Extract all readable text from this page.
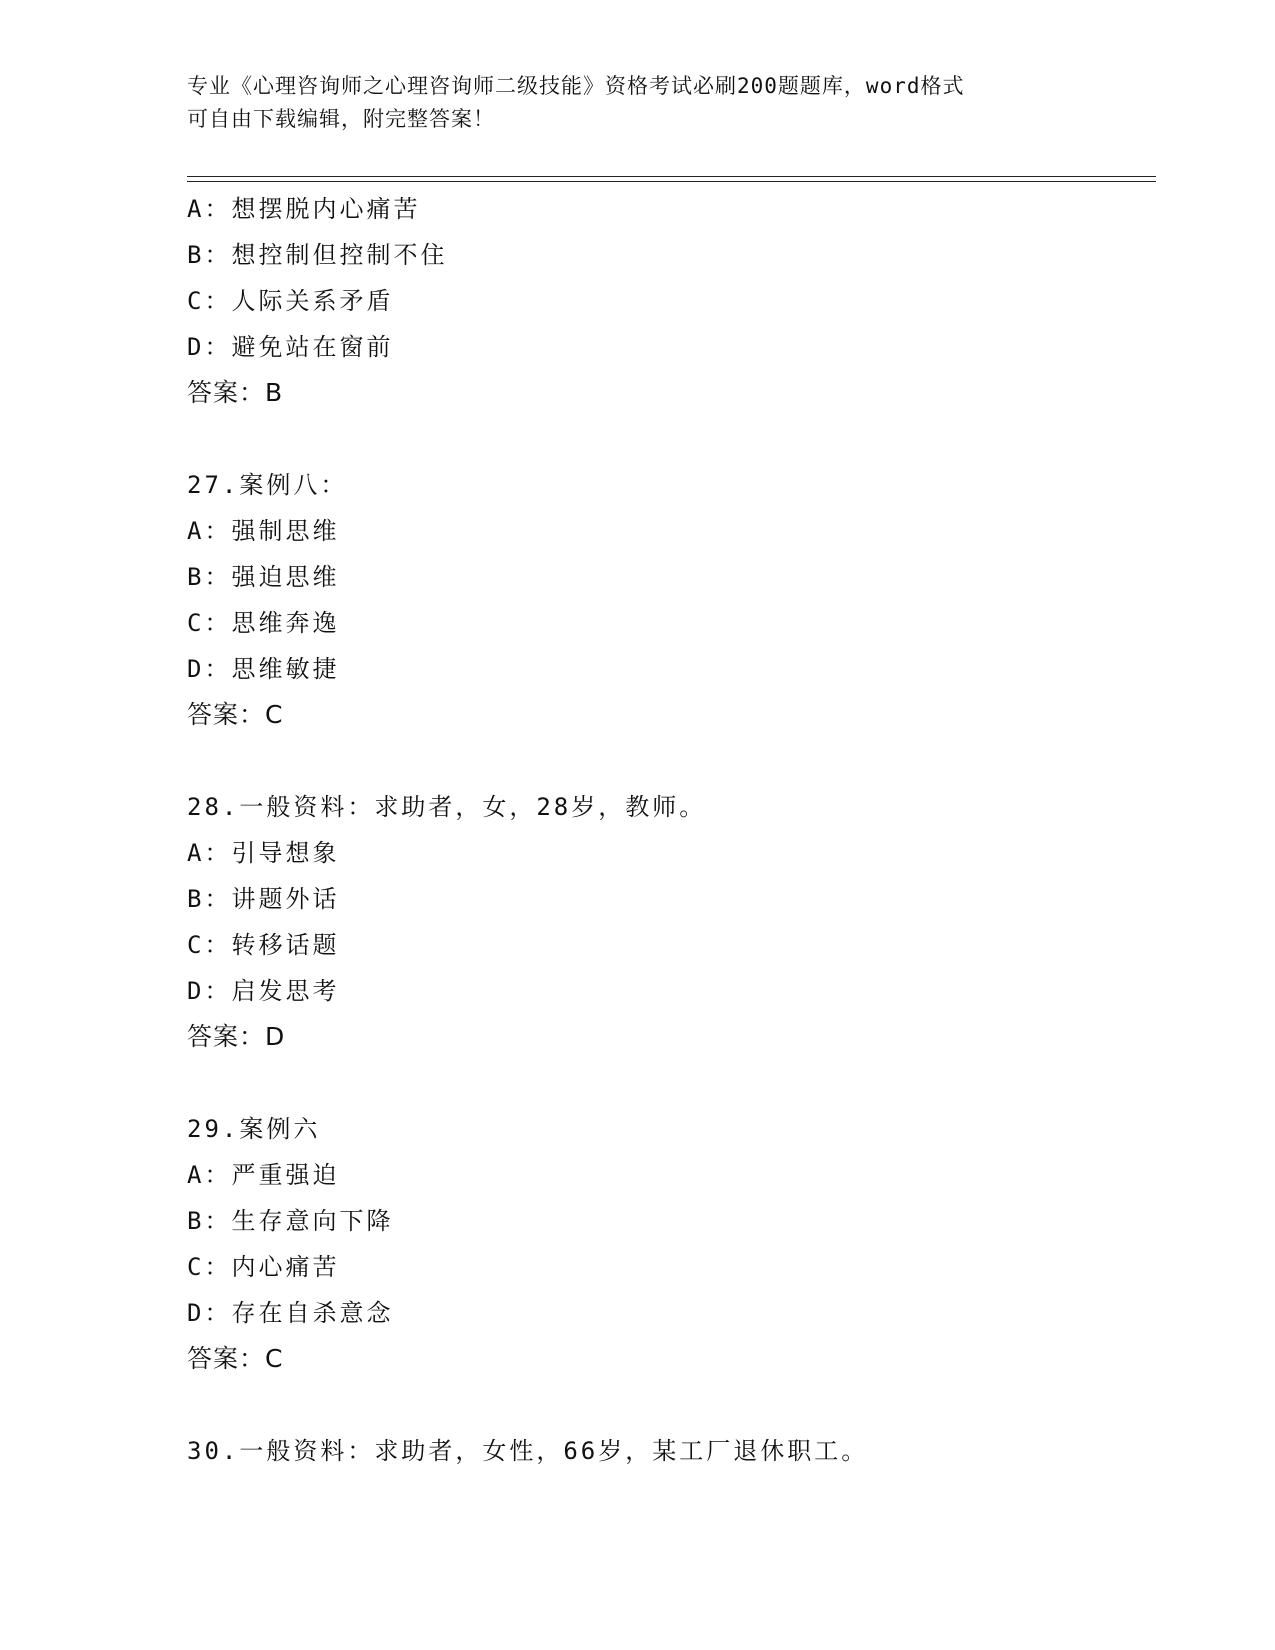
专业《心理咨询师之心理咨询师二级技能》资格考试必刷200题题库，word格式
可自由下载编辑，附完整答案！
A：想摆脱内心痛苦
B：想控制但控制不住
C：人际关系矛盾
D：避免站在窗前
答案：B
27.案例八：
A：强制思维
B：强迫思维
C：思维奔逸
D：思维敏捷
答案：C
28.一般资料：求助者，女，28岁，教师。
A：引导想象
B：讲题外话
C：转移话题
D：启发思考
答案：D
29.案例六
A：严重强迫
B：生存意向下降
C：内心痛苦
D：存在自杀意念
答案：C
30.一般资料：求助者，女性，66岁，某工厂退休职工。
